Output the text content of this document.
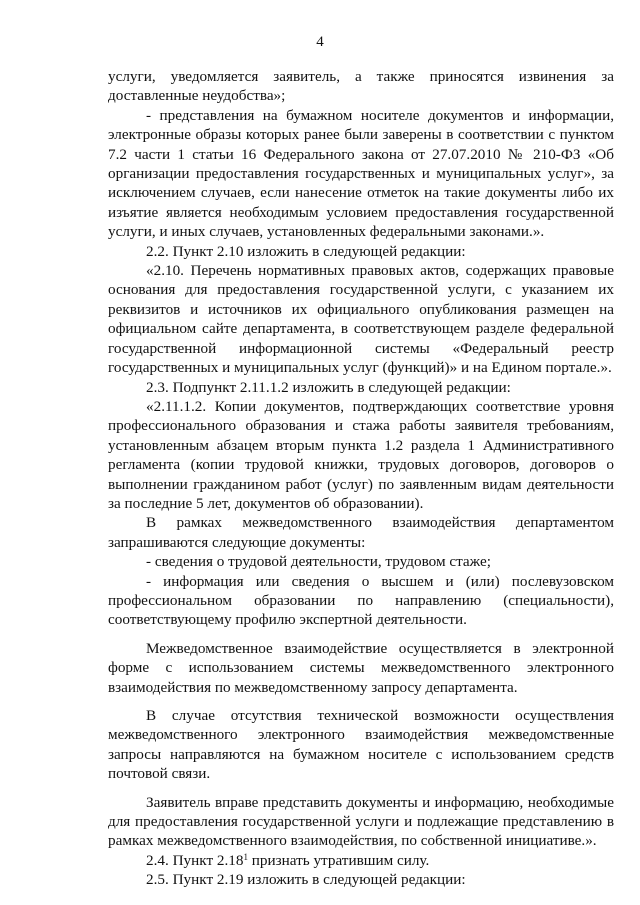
4

услуги, уведомляется заявитель, а также приносятся извинения за доставленные неудобства»;

- представления на бумажном носителе документов и информации, электронные образы которых ранее были заверены в соответствии с пунктом 7.2 части 1 статьи 16 Федерального закона от 27.07.2010 № 210-ФЗ «Об организации предоставления государственных и муниципальных услуг», за исключением случаев, если нанесение отметок на такие документы либо их изъятие является необходимым условием предоставления государственной услуги, и иных случаев, установленных федеральными законами.».

2.2. Пункт 2.10 изложить в следующей редакции:

«2.10. Перечень нормативных правовых актов, содержащих правовые основания для предоставления государственной услуги, с указанием их реквизитов и источников их официального опубликования размещен на официальном сайте департамента, в соответствующем разделе федеральной государственной информационной системы «Федеральный реестр государственных и муниципальных услуг (функций)» и на Едином портале.».

2.3. Подпункт 2.11.1.2 изложить в следующей редакции:

«2.11.1.2. Копии документов, подтверждающих соответствие уровня профессионального образования и стажа работы заявителя требованиям, установленным абзацем вторым пункта 1.2 раздела 1 Административного регламента (копии трудовой книжки, трудовых договоров, договоров о выполнении гражданином работ (услуг) по заявленным видам деятельности за последние 5 лет, документов об образовании).

В рамках межведомственного взаимодействия департаментом запрашиваются следующие документы:

- сведения о трудовой деятельности, трудовом стаже;

- информация или сведения о высшем и (или) послевузовском профессиональном образовании по направлению (специальности), соответствующему профилю экспертной деятельности.

Межведомственное взаимодействие осуществляется в электронной форме с использованием системы межведомственного электронного взаимодействия по межведомственному запросу департамента.

В случае отсутствия технической возможности осуществления межведомственного электронного взаимодействия межведомственные запросы направляются на бумажном носителе с использованием средств почтовой связи.

Заявитель вправе представить документы и информацию, необходимые для предоставления государственной услуги и подлежащие представлению в рамках межведомственного взаимодействия, по собственной инициативе.».

2.4. Пункт 2.18$^1$ признать утратившим силу.

2.5. Пункт 2.19 изложить в следующей редакции:
